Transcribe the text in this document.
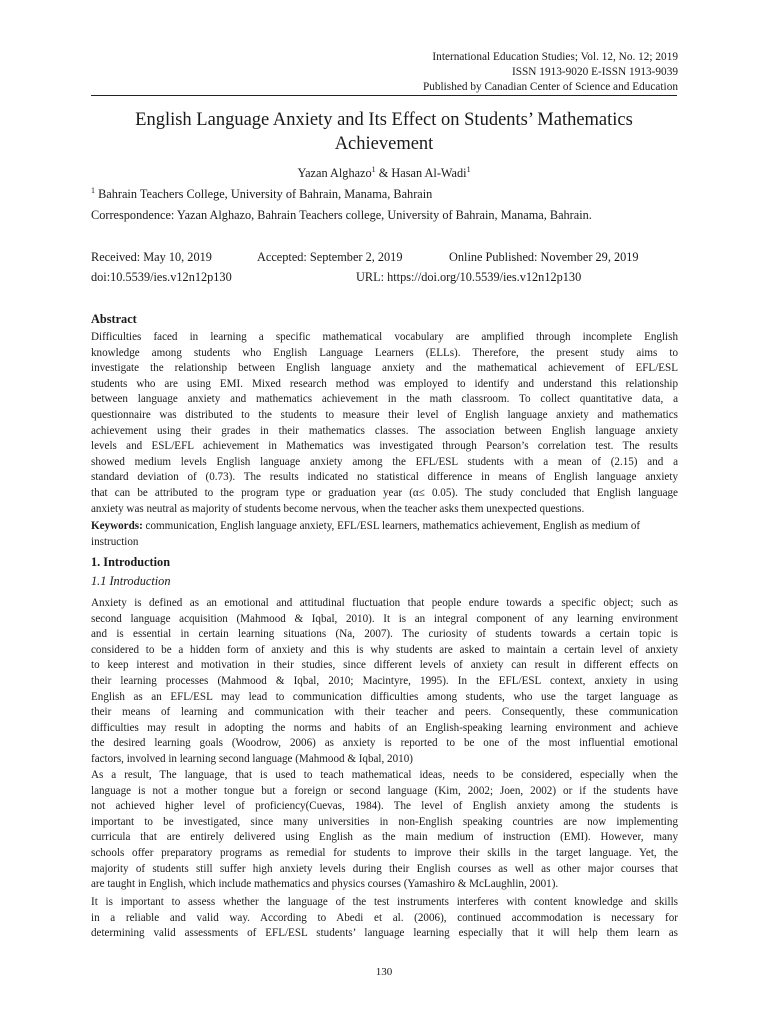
International Education Studies; Vol. 12, No. 12; 2019
ISSN 1913-9020 E-ISSN 1913-9039
Published by Canadian Center of Science and Education
English Language Anxiety and Its Effect on Students’ Mathematics
Achievement
Yazan Alghazo$^1$ & Hasan Al-Wadi$^1$
$^1$ Bahrain Teachers College, University of Bahrain, Manama, Bahrain
Correspondence: Yazan Alghazo, Bahrain Teachers college, University of Bahrain, Manama, Bahrain.
Received: May 10, 2019	Accepted: September 2, 2019	Online Published: November 29, 2019
doi:10.5539/ies.v12n12p130	URL: https://doi.org/10.5539/ies.v12n12p130
Abstract
Difficulties faced in learning a specific mathematical vocabulary are amplified through incomplete English
knowledge among students who English Language Learners (ELLs). Therefore, the present study aims to
investigate the relationship between English language anxiety and the mathematical achievement of EFL/ESL
students who are using EMI. Mixed research method was employed to identify and understand this relationship
between language anxiety and mathematics achievement in the math classroom. To collect quantitative data, a
questionnaire was distributed to the students to measure their level of English language anxiety and mathematics
achievement using their grades in their mathematics classes. The association between English language anxiety
levels and ESL/EFL achievement in Mathematics was investigated through Pearson’s correlation test. The results
showed medium levels English language anxiety among the EFL/ESL students with a mean of (2.15) and a
standard deviation of (0.73). The results indicated no statistical difference in means of English language anxiety
that can be attributed to the program type or graduation year (α≤ 0.05). The study concluded that English language
anxiety was neutral as majority of students become nervous, when the teacher asks them unexpected questions.
Keywords: communication, English language anxiety, EFL/ESL learners, mathematics achievement, English as medium of instruction
1. Introduction
1.1 Introduction
Anxiety is defined as an emotional and attitudinal fluctuation that people endure towards a specific object; such as
second language acquisition (Mahmood & Iqbal, 2010). It is an integral component of any learning environment
and is essential in certain learning situations (Na, 2007). The curiosity of students towards a certain topic is
considered to be a hidden form of anxiety and this is why students are asked to maintain a certain level of anxiety
to keep interest and motivation in their studies, since different levels of anxiety can result in different effects on
their learning processes (Mahmood & Iqbal, 2010; Macintyre, 1995). In the EFL/ESL context, anxiety in using
English as an EFL/ESL may lead to communication difficulties among students, who use the target language as
their means of learning and communication with their teacher and peers. Consequently, these communication
difficulties may result in adopting the norms and habits of an English-speaking learning environment and achieve
the desired learning goals (Woodrow, 2006) as anxiety is reported to be one of the most influential emotional
factors, involved in learning second language (Mahmood & Iqbal, 2010)
As a result, The language, that is used to teach mathematical ideas, needs to be considered, especially when the
language is not a mother tongue but a foreign or second language (Kim, 2002; Joen, 2002) or if the students have
not achieved higher level of proficiency(Cuevas, 1984). The level of English anxiety among the students is
important to be investigated, since many universities in non-English speaking countries are now implementing
curricula that are entirely delivered using English as the main medium of instruction (EMI). However, many
schools offer preparatory programs as remedial for students to improve their skills in the target language. Yet, the
majority of students still suffer high anxiety levels during their English courses as well as other major courses that
are taught in English, which include mathematics and physics courses (Yamashiro & McLaughlin, 2001).
It is important to assess whether the language of the test instruments interferes with content knowledge and skills
in a reliable and valid way. According to Abedi et al. (2006), continued accommodation is necessary for
determining valid assessments of EFL/ESL students’ language learning especially that it will help them learn as
130
